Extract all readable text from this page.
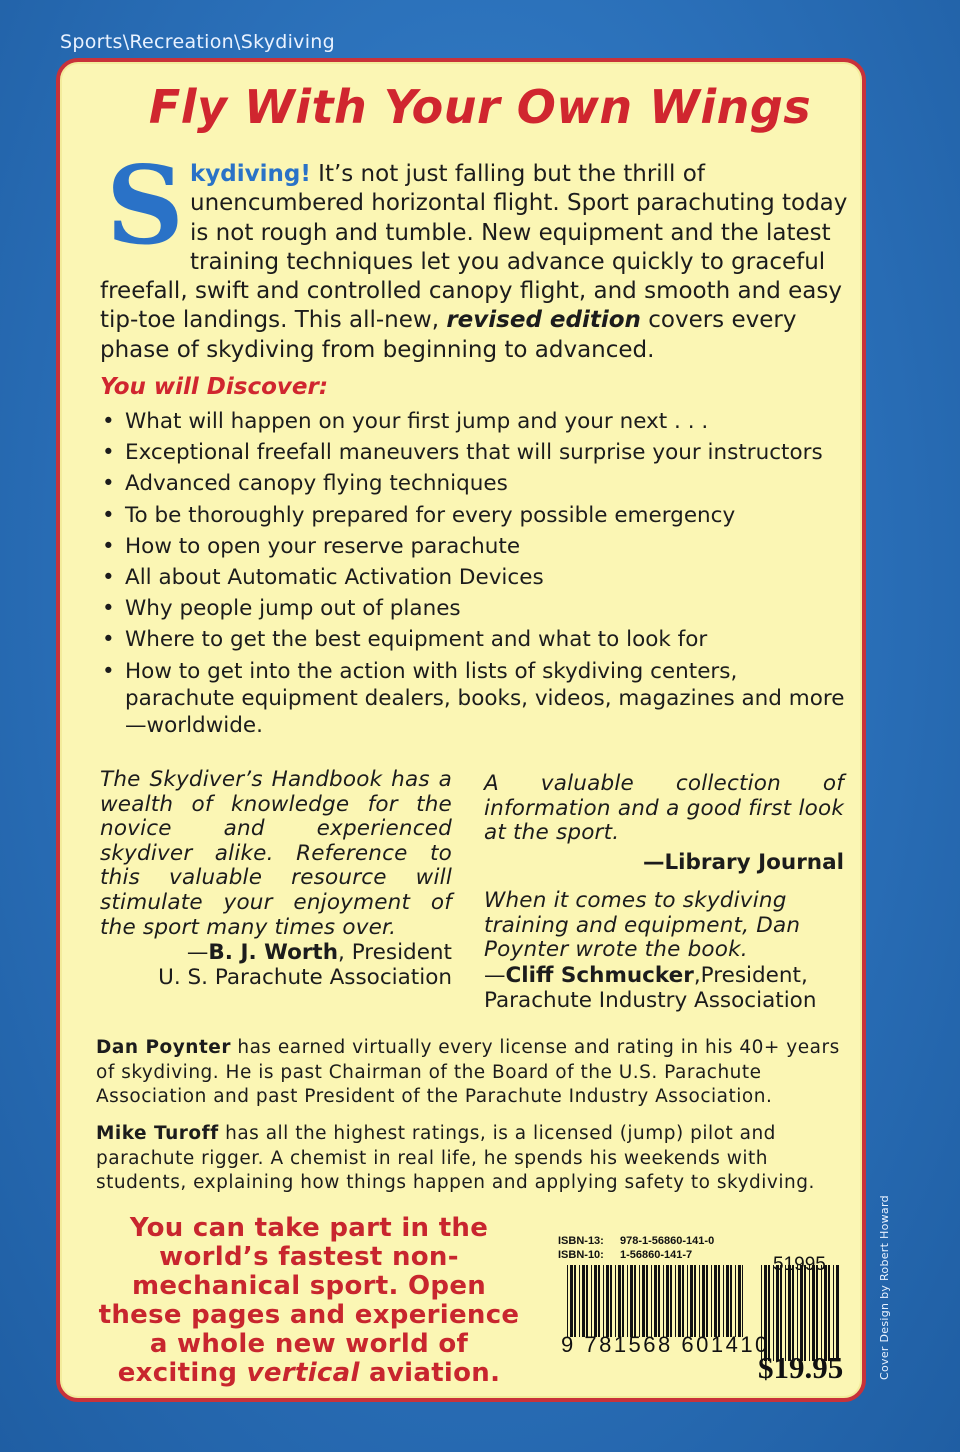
Sports\Recreation\Skydiving
Fly With Your Own Wings
Skydiving! It’s not just falling but the thrill of unencumbered horizontal flight. Sport parachuting today is not rough and tumble. New equipment and the latest training techniques let you advance quickly to graceful freefall, swift and controlled canopy flight, and smooth and easy tip-toe landings. This all-new, revised edition covers every phase of skydiving from beginning to advanced.
You will Discover:
• What will happen on your first jump and your next . . .
• Exceptional freefall maneuvers that will surprise your instructors
• Advanced canopy flying techniques
• To be thoroughly prepared for every possible emergency
• How to open your reserve parachute
• All about Automatic Activation Devices
• Why people jump out of planes
• Where to get the best equipment and what to look for
• How to get into the action with lists of skydiving centers, parachute equipment dealers, books, videos, magazines and more—worldwide.
The Skydiver’s Handbook has a wealth of knowledge for the novice and experienced skydiver alike. Reference to this valuable resource will stimulate your enjoyment of the sport many times over.
—B. J. Worth, President
U. S. Parachute Association
A valuable collection of information and a good first look at the sport.
—Library Journal
When it comes to skydiving training and equipment, Dan Poynter wrote the book.
—Cliff Schmucker,President,
Parachute Industry Association
Dan Poynter has earned virtually every license and rating in his 40+ years of skydiving. He is past Chairman of the Board of the U.S. Parachute Association and past President of the Parachute Industry Association.
Mike Turoff has all the highest ratings, is a licensed (jump) pilot and parachute rigger. A chemist in real life, he spends his weekends with students, explaining how things happen and applying safety to skydiving.
You can take part in the world’s fastest non-mechanical sport. Open these pages and experience a whole new world of exciting vertical aviation.
ISBN-13: 978-1-56860-141-0
ISBN-10: 1-56860-141-7
9 781568 601410
51995
$19.95	Cover Design by Robert Howard
